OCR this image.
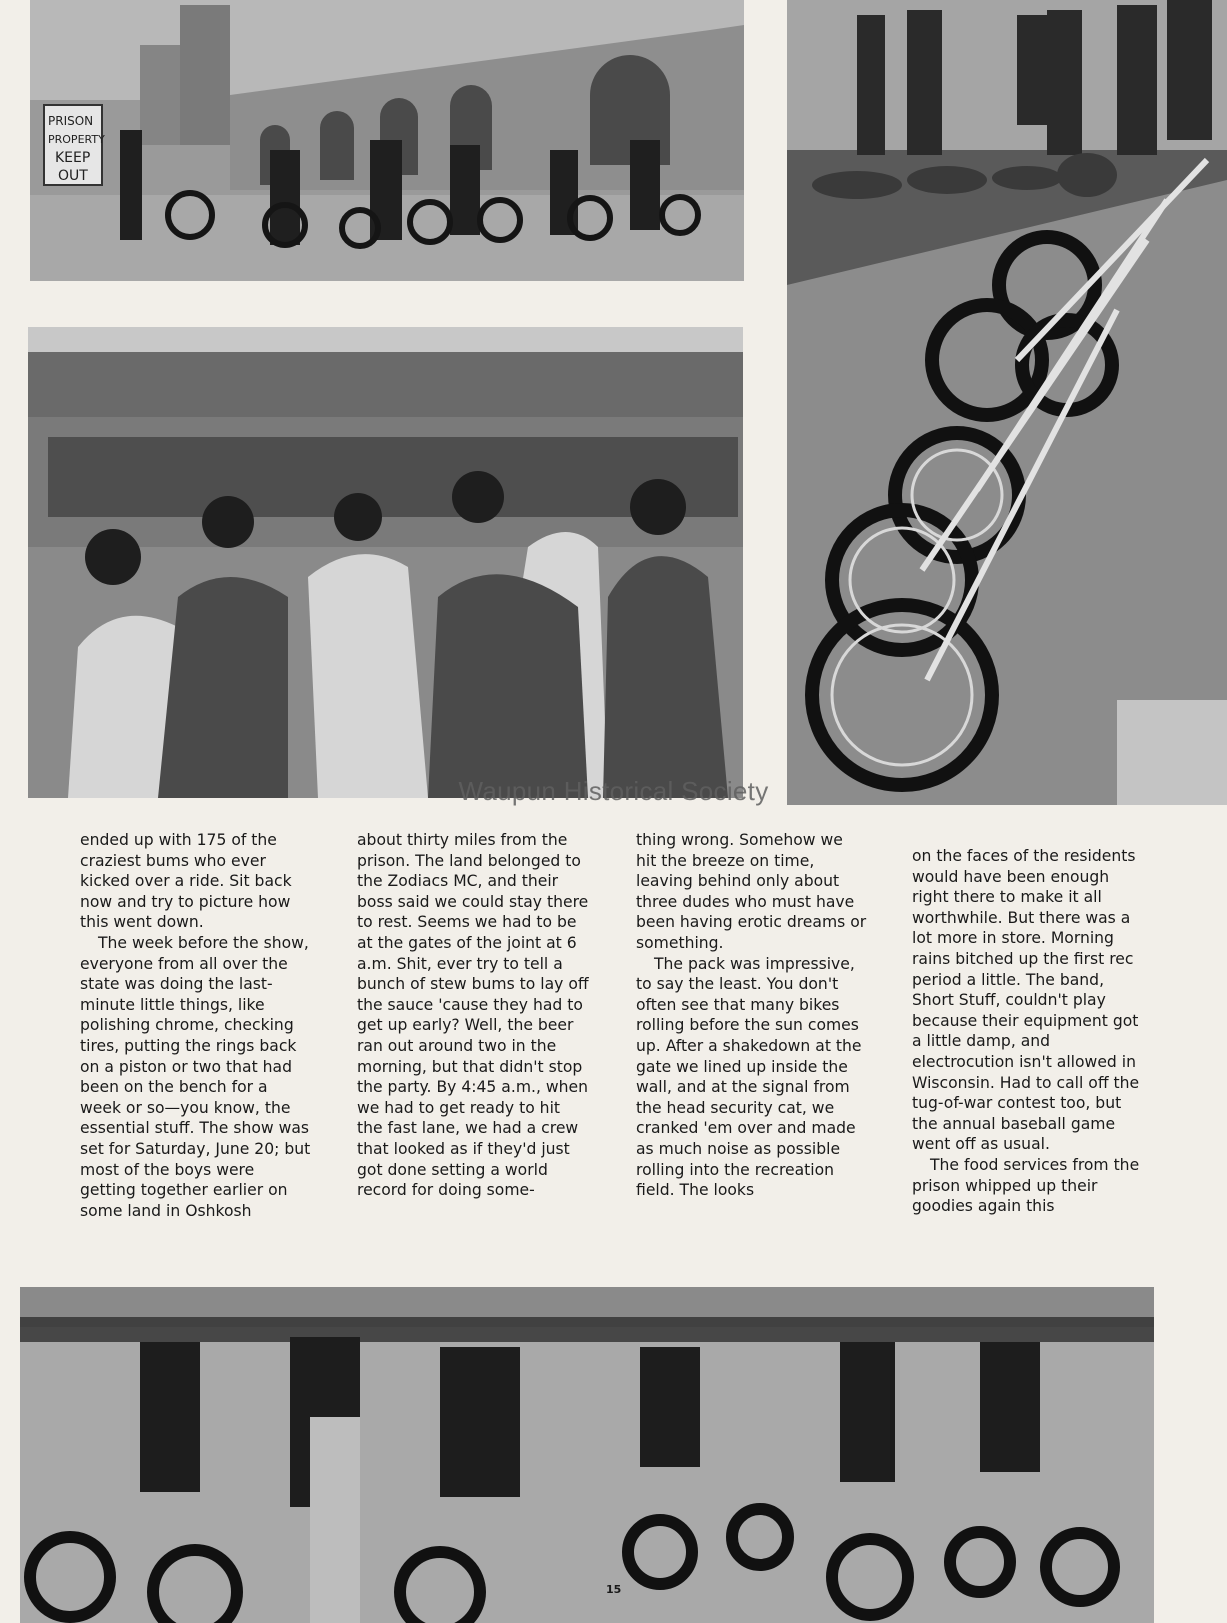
PRISON
PROPERTY
KEEP
OUT
Waupun Historical Society

ended up with 175 of the craziest bums who ever kicked over a ride. Sit back now and try to picture how this went down.

The week before the show, everyone from all over the state was doing the last-minute little things, like polishing chrome, checking tires, putting the rings back on a piston or two that had been on the bench for a week or so—you know, the essential stuff. The show was set for Saturday, June 20; but most of the boys were getting together earlier on some land in Oshkosh

about thirty miles from the prison. The land belonged to the Zodiacs MC, and their boss said we could stay there to rest. Seems we had to be at the gates of the joint at 6 a.m. Shit, ever try to tell a bunch of stew bums to lay off the sauce 'cause they had to get up early? Well, the beer ran out around two in the morning, but that didn't stop the party. By 4:45 a.m., when we had to get ready to hit the fast lane, we had a crew that looked as if they'd just got done setting a world record for doing some-

thing wrong. Somehow we hit the breeze on time, leaving behind only about three dudes who must have been having erotic dreams or something.

The pack was impressive, to say the least. You don't often see that many bikes rolling before the sun comes up. After a shakedown at the gate we lined up inside the wall, and at the signal from the head security cat, we cranked 'em over and made as much noise as possible rolling into the recreation field. The looks

on the faces of the residents would have been enough right there to make it all worthwhile. But there was a lot more in store. Morning rains bitched up the first rec period a little. The band, Short Stuff, couldn't play because their equipment got a little damp, and electrocution isn't allowed in Wisconsin. Had to call off the tug-of-war contest too, but the annual baseball game went off as usual.

The food services from the prison whipped up their goodies again this

15
